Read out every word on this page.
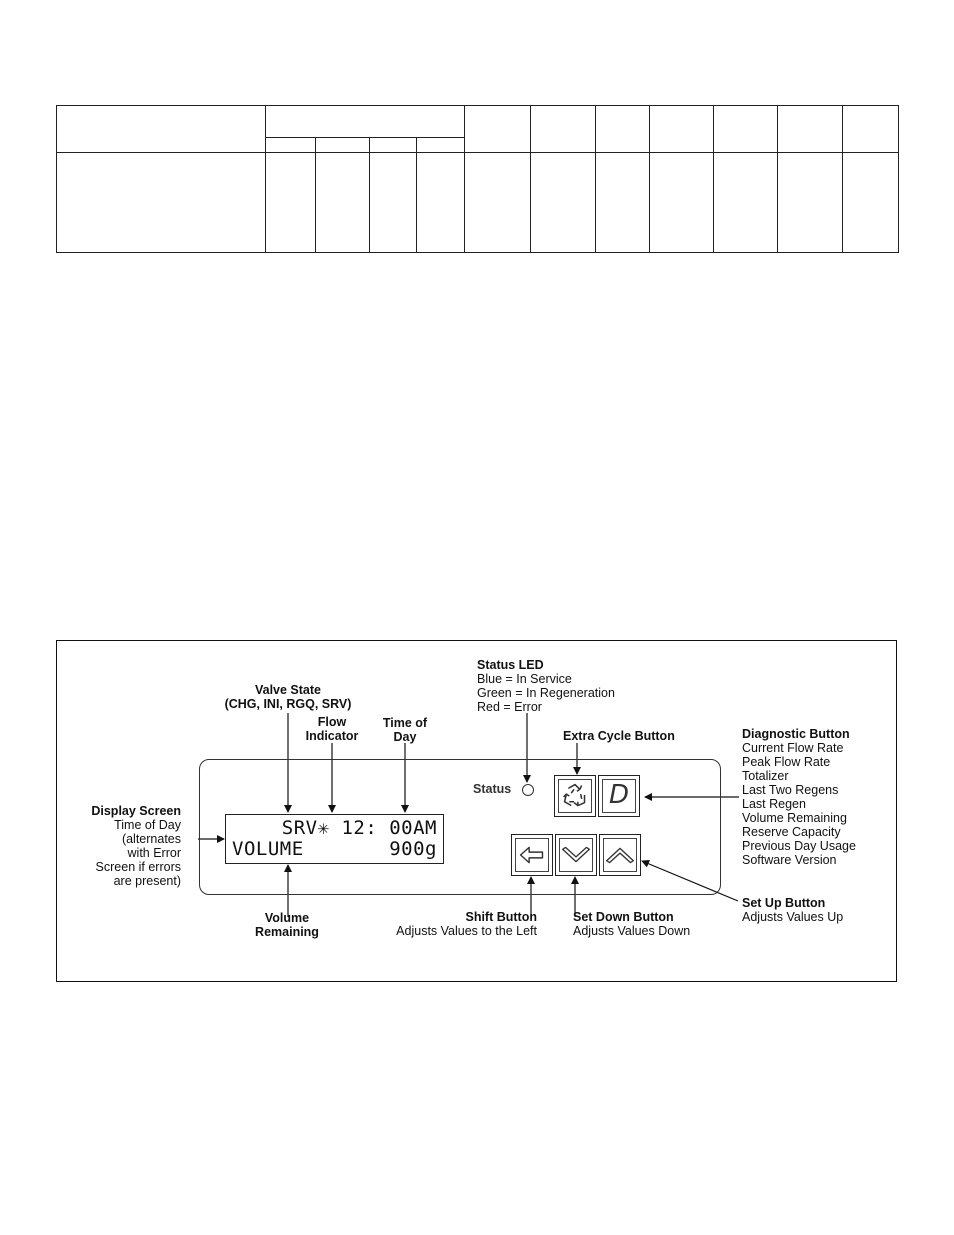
SRV✳ 12: 00AM
VOLUME	900g
Status	D
Status LED
Blue = In Service
Green = In Regeneration
Red = Error
Valve State
(CHG, INI, RGQ, SRV)
Flow
Indicator
Time of
Day	Extra Cycle Button	Diagnostic Button
Current Flow Rate
Peak Flow Rate
Totalizer
Last Two Regens
Last Regen
Volume Remaining
Reserve Capacity
Previous Day Usage
Software Version
Display Screen
Time of Day
(alternates
with Error
Screen if errors
are present)
Volume
Remaining
Shift Button
Adjusts Values to the Left
Set Down Button
Adjusts Values Down
Set Up Button
Adjusts Values Up
